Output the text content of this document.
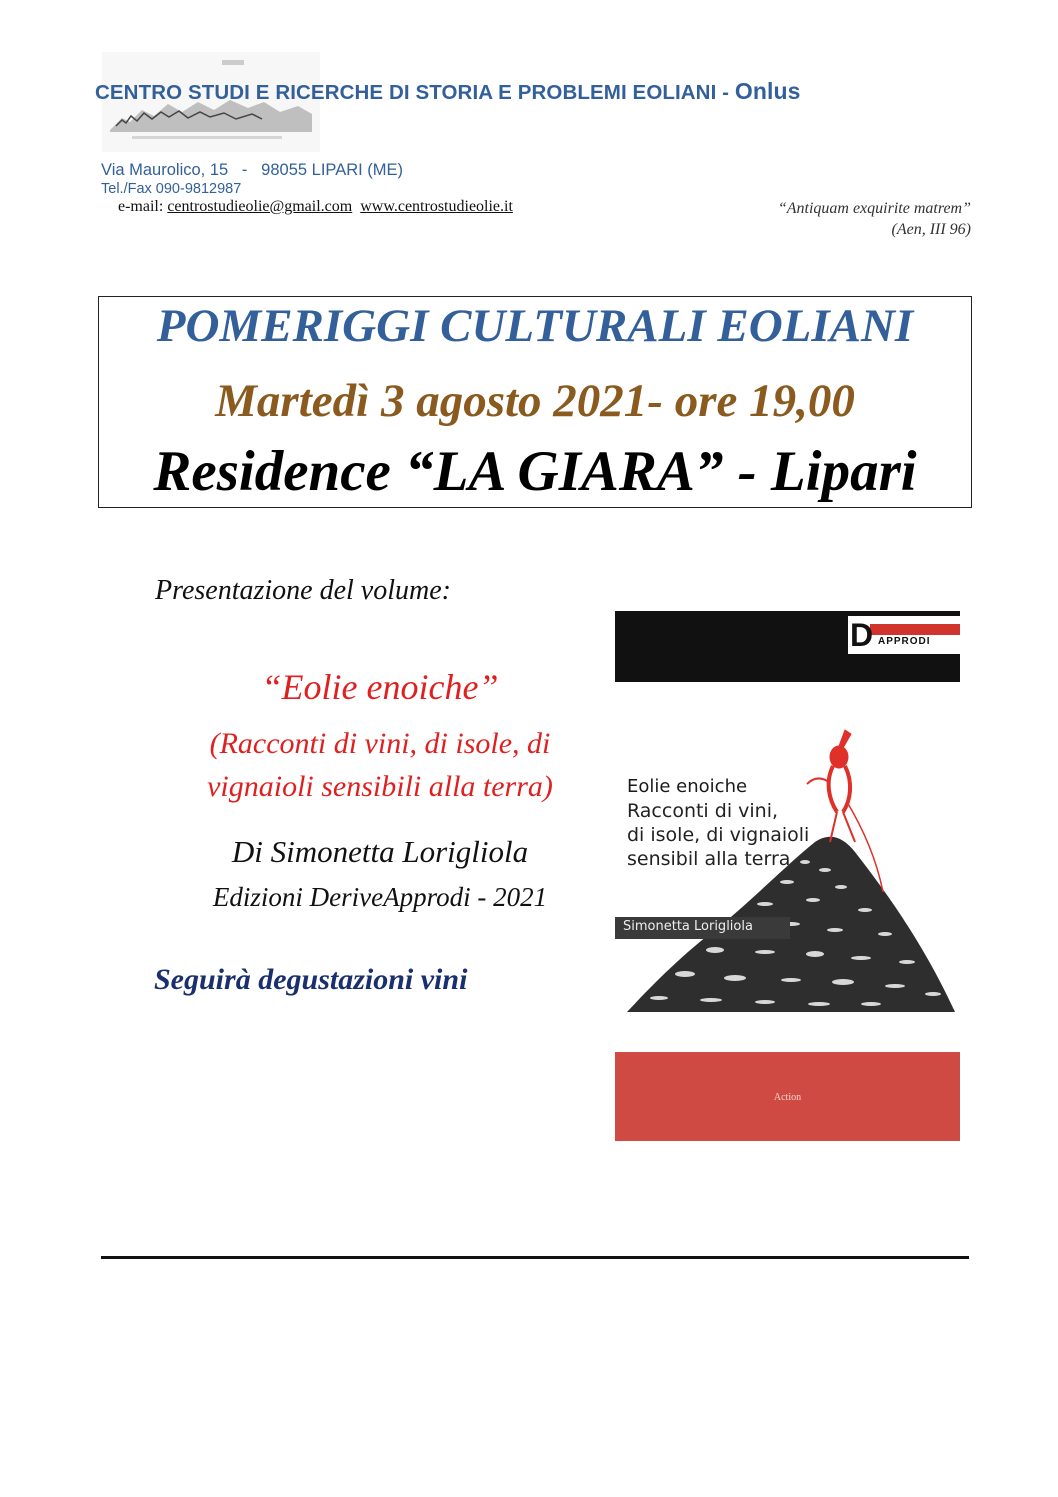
CENTRO STUDI E RICERCHE DI STORIA E PROBLEMI EOLIANI - Onlus
Via Maurolico, 15   -   98055 LIPARI (ME)
Tel./Fax 090-9812987
e-mail: centrostudieolie@gmail.com www.centrostudieolie.it	“Antiquam exquirite matrem”
(Aen, III 96)
POMERIGGI CULTURALI EOLIANI
Martedì 3 agosto 2021- ore 19,00
Residence “LA GIARA” - Lipari
Presentazione del volume:
“Eolie enoiche”
(Racconti di vini, di isole, di
vignaioli sensibili alla terra)
Di Simonetta Lorigliola
Edizioni DeriveApprodi - 2021
Seguirà degustazioni vini
D APPRODI
Eolie enoiche
Racconti di vini,
di isole, di vignaioli
sensibil alla terra
Simonetta Lorigliola
Action
